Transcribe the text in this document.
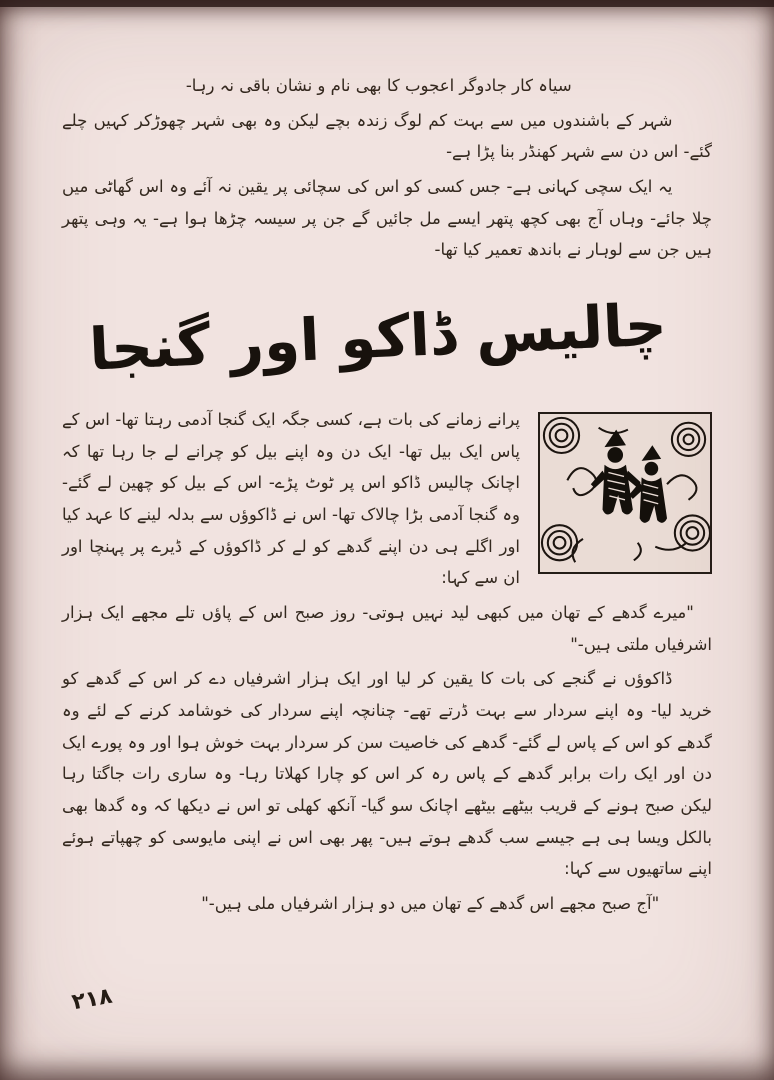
سیاہ کار جادوگر اعجوب کا بھی نام و نشان باقی نہ رہا-

شہر کے باشندوں میں سے بہت کم لوگ زندہ بچے لیکن وہ بھی شہر چھوڑکر کہیں چلے گئے- اس دن سے شہر کھنڈر بنا پڑا ہے-

یہ ایک سچی کہانی ہے- جس کسی کو اس کی سچائی پر یقین نہ آئے وہ اس گھاٹی میں چلا جائے- وہاں آج بھی کچھ پتھر ایسے مل جائیں گے جن پر سیسہ چڑھا ہوا ہے- یہ وہی پتھر ہیں جن سے لوہار نے باندھ تعمیر کیا تھا-

چالیس ڈاکو اور گنجا

پرانے زمانے کی بات ہے، کسی جگہ ایک گنجا آدمی رہتا تھا- اس کے پاس ایک بیل تھا- ایک دن وہ اپنے بیل کو چرانے لے جا رہا تھا کہ اچانک چالیس ڈاکو اس پر ٹوٹ پڑے- اس کے بیل کو چھین لے گئے- وہ گنجا آدمی بڑا چالاک تھا- اس نے ڈاکوؤں سے بدلہ لینے کا عہد کیا اور اگلے ہی دن اپنے گدھے کو لے کر ڈاکوؤں کے ڈیرے پر پہنچا اور ان سے کہا:

"میرے گدھے کے تھان میں کبھی لید نہیں ہوتی- روز صبح اس کے پاؤں تلے مجھے ایک ہزار اشرفیاں ملتی ہیں-"

ڈاکوؤں نے گنجے کی بات کا یقین کر لیا اور ایک ہزار اشرفیاں دے کر اس کے گدھے کو خرید لیا- وہ اپنے سردار سے بہت ڈرتے تھے- چنانچہ اپنے سردار کی خوشامد کرنے کے لئے وہ گدھے کو اس کے پاس لے گئے- گدھے کی خاصیت سن کر سردار بہت خوش ہوا اور وہ پورے ایک دن اور ایک رات برابر گدھے کے پاس رہ کر اس کو چارا کھلاتا رہا- وہ ساری رات جاگتا رہا لیکن صبح ہونے کے قریب بیٹھے بیٹھے اچانک سو گیا- آنکھ کھلی تو اس نے دیکھا کہ وہ گدھا بھی بالکل ویسا ہی ہے جیسے سب گدھے ہوتے ہیں- پھر بھی اس نے اپنی مایوسی کو چھپاتے ہوئے اپنے ساتھیوں سے کہا:

"آج صبح مجھے اس گدھے کے تھان میں دو ہزار اشرفیاں ملی ہیں-"

۲۱۸
